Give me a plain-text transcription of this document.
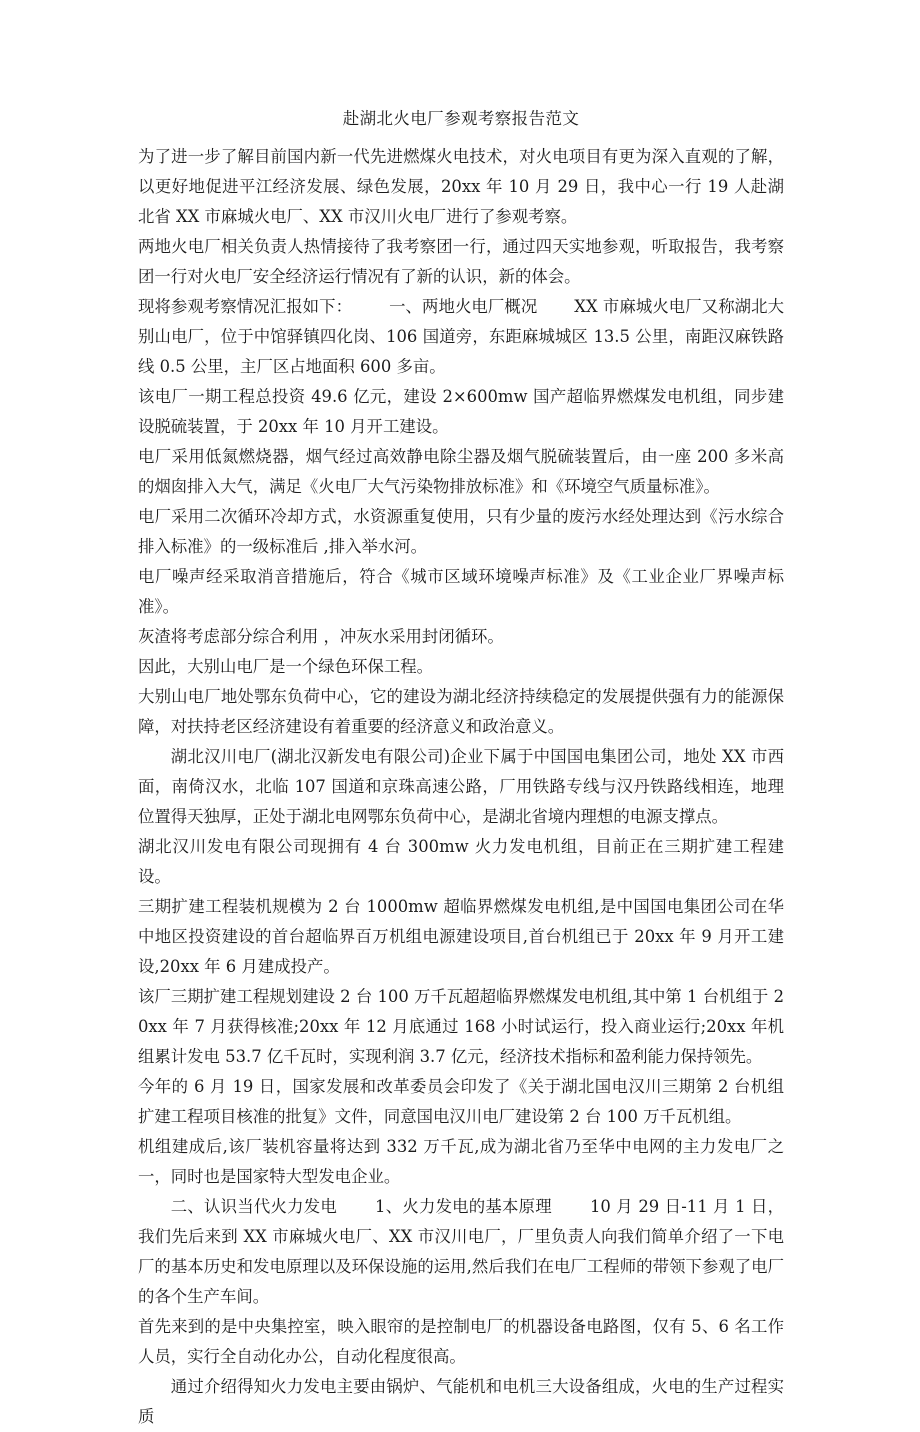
赴湖北火电厂参观考察报告范文

为了进一步了解目前国内新一代先进燃煤火电技术，对火电项目有更为深入直观的了解，以更好地促进平江经济发展、绿色发展，20xx 年 10 月 29 日，我中心一行 19 人赴湖北省 XX 市麻城火电厂、XX 市汉川火电厂进行了参观考察。

两地火电厂相关负责人热情接待了我考察团一行，通过四天实地参观，听取报告，我考察团一行对火电厂安全经济运行情况有了新的认识，新的体会。

现将参观考察情况汇报如下：       一、两地火电厂概况       XX 市麻城火电厂又称湖北大别山电厂，位于中馆驿镇四化岗、106 国道旁，东距麻城城区 13.5 公里，南距汉麻铁路线 0.5 公里，主厂区占地面积 600 多亩。

该电厂一期工程总投资 49.6 亿元，建设 2×600mw 国产超临界燃煤发电机组，同步建设脱硫装置，于 20xx 年 10 月开工建设。

电厂采用低氮燃烧器，烟气经过高效静电除尘器及烟气脱硫装置后，由一座 200 多米高的烟囱排入大气，满足《火电厂大气污染物排放标准》和《环境空气质量标准》。

电厂采用二次循环冷却方式，水资源重复使用，只有少量的废污水经处理达到《污水综合排入标准》的一级标准后 ,排入举水河。

电厂噪声经采取消音措施后，符合《城市区域环境噪声标准》及《工业企业厂界噪声标准》。

灰渣将考虑部分综合利用 ，冲灰水采用封闭循环。

因此，大别山电厂是一个绿色环保工程。

大别山电厂地处鄂东负荷中心，它的建设为湖北经济持续稳定的发展提供强有力的能源保障，对扶持老区经济建设有着重要的经济意义和政治意义。

湖北汉川电厂(湖北汉新发电有限公司)企业下属于中国国电集团公司，地处 XX 市西面，南倚汉水，北临 107 国道和京珠高速公路，厂用铁路专线与汉丹铁路线相连，地理位置得天独厚，正处于湖北电网鄂东负荷中心，是湖北省境内理想的电源支撑点。

湖北汉川发电有限公司现拥有 4 台 300mw 火力发电机组，目前正在三期扩建工程建设。

三期扩建工程装机规模为 2 台 1000mw 超临界燃煤发电机组,是中国国电集团公司在华中地区投资建设的首台超临界百万机组电源建设项目,首台机组已于 20xx 年 9 月开工建设,20xx 年 6 月建成投产。

该厂三期扩建工程规划建设 2 台 100 万千瓦超超临界燃煤发电机组,其中第 1 台机组于 20xx 年 7 月获得核准;20xx 年 12 月底通过 168 小时试运行，投入商业运行;20xx 年机组累计发电 53.7 亿千瓦时，实现利润 3.7 亿元，经济技术指标和盈利能力保持领先。

今年的 6 月 19 日，国家发展和改革委员会印发了《关于湖北国电汉川三期第 2 台机组扩建工程项目核准的批复》文件，同意国电汉川电厂建设第 2 台 100 万千瓦机组。

机组建成后,该厂装机容量将达到 332 万千瓦,成为湖北省乃至华中电网的主力发电厂之一，同时也是国家特大型发电企业。

二、认识当代火力发电       1、火力发电的基本原理       10 月 29 日-11 月 1 日，我们先后来到 XX 市麻城火电厂、XX 市汉川电厂，厂里负责人向我们简单介绍了一下电厂的基本历史和发电原理以及环保设施的运用,然后我们在电厂工程师的带领下参观了电厂的各个生产车间。

首先来到的是中央集控室，映入眼帘的是控制电厂的机器设备电路图，仅有 5、6 名工作人员，实行全自动化办公，自动化程度很高。

通过介绍得知火力发电主要由锅炉、气能机和电机三大设备组成，火电的生产过程实质
